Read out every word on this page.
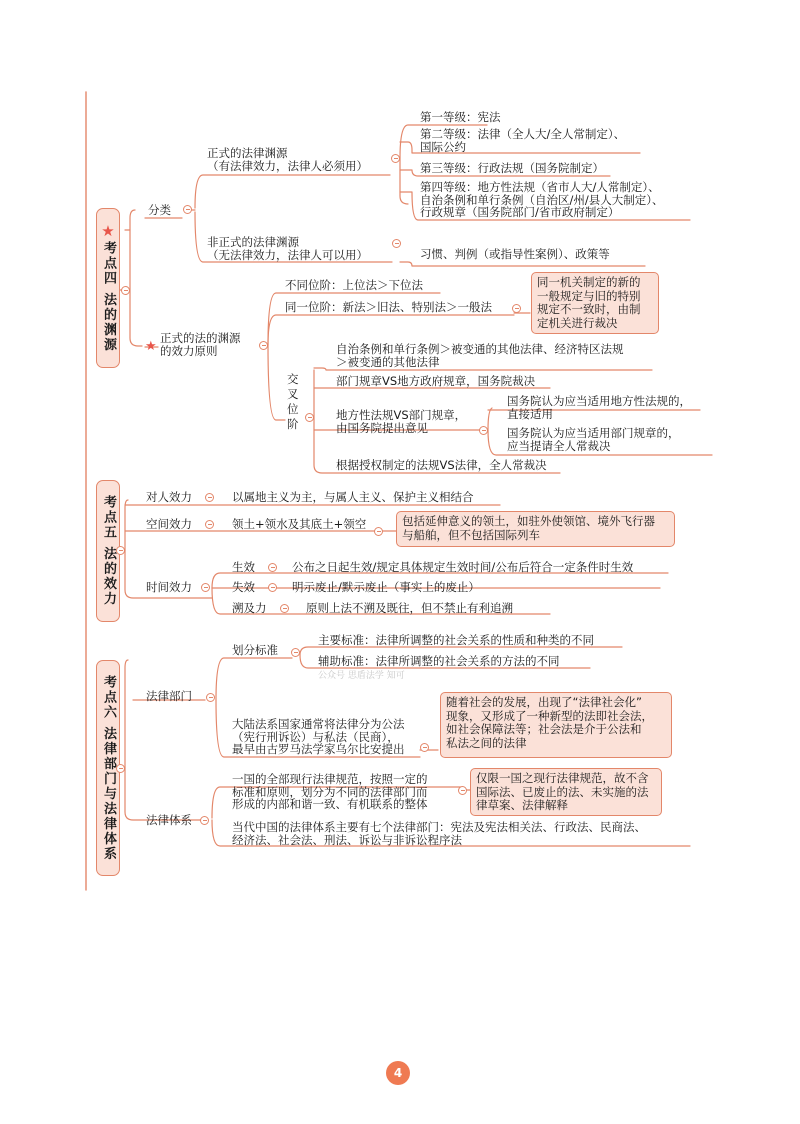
★
考点四 法的渊源
分类
正式的法律渊源
（有法律效力，法律人必须用）
第一等级：宪法
第二等级：法律（全人大/全人常制定）、
国际公约
第三等级：行政法规（国务院制定）
第四等级：地方性法规（省市人大/人常制定）、
自治条例和单行条例（自治区/州/县人大制定）、
行政规章（国务院部门/省市政府制定）
非正式的法律渊源
（无法律效力，法律人可以用）	习惯、判例（或指导性案例）、政策等
★
正式的法的渊源
的效力原则
不同位阶：上位法＞下位法
同一位阶：新法＞旧法、特别法＞一般法
同一机关制定的新的
一般规定与旧的特别
规定不一致时，由制
定机关进行裁决
交叉位阶
自治条例和单行条例＞被变通的其他法律、经济特区法规
＞被变通的其他法律
部门规章VS地方政府规章，国务院裁决
地方性法规VS部门规章，
由国务院提出意见
国务院认为应当适用地方性法规的，
直接适用
国务院认为应当适用部门规章的，
应当提请全人常裁决
根据授权制定的法规VS法律，全人常裁决
考点五 法的效力	对人效力	以属地主义为主，与属人主义、保护主义相结合
空间效力	领土+领水及其底土+领空	包括延伸意义的领土，如驻外使领馆、境外飞行器
与船舶，但不包括国际列车
时间效力
生效	公布之日起生效/规定具体规定生效时间/公布后符合一定条件时生效
失效	明示废止/默示废止（事实上的废止）
溯及力	原则上法不溯及既往，但不禁止有利追溯
考点六 法律部门与法律体系	法律部门
划分标准
主要标准：法律所调整的社会关系的性质和种类的不同
辅助标准：法律所调整的社会关系的方法的不同
公众号 思盾法学 知可
大陆法系国家通常将法律分为公法
（宪行刑诉讼）与私法（民商），
最早由古罗马法学家乌尔比安提出
随着社会的发展，出现了“法律社会化”
现象，又形成了一种新型的法即社会法，
如社会保障法等；社会法是介于公法和
私法之间的法律
法律体系
一国的全部现行法律规范，按照一定的
标准和原则，划分为不同的法律部门而
形成的内部和谐一致、有机联系的整体
仅限一国之现行法律规范，故不含
国际法、已废止的法、未实施的法
律草案、法律解释
当代中国的法律体系主要有七个法律部门：宪法及宪法相关法、行政法、民商法、
经济法、社会法、刑法、诉讼与非诉讼程序法
4
